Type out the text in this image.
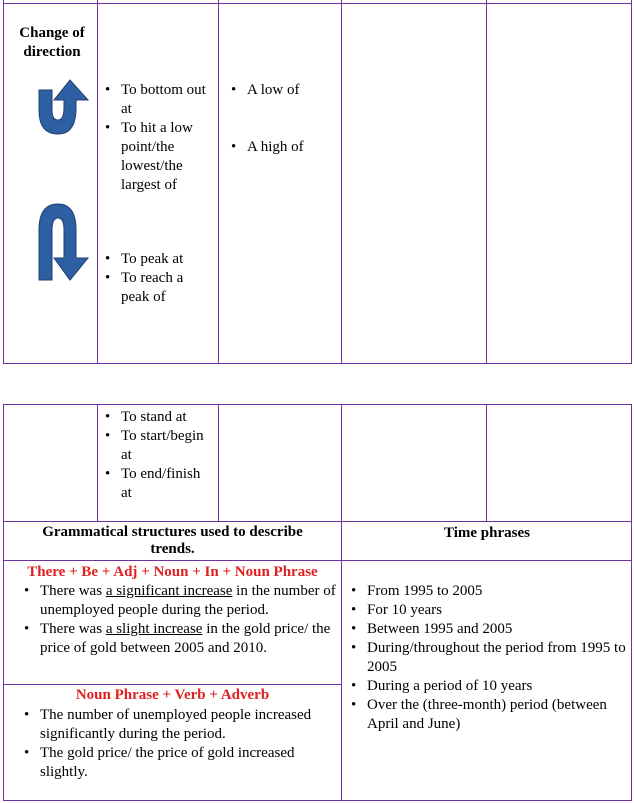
Change of direction
• To bottom out at
• To hit a low point/the lowest/the largest of
• To peak at
• To reach a peak of
• A low of
• A high of
• To stand at
• To start/begin at
• To end/finish at
Grammatical structures used to describe trends.
Time phrases
There + Be + Adj + Noun + In + Noun Phrase
• There was a significant increase in the number of unemployed people during the period.
• There was a slight increase in the gold price/ the price of gold between 2005 and 2010.
Noun Phrase + Verb + Adverb
• The number of unemployed people increased significantly during the period.
• The gold price/ the price of gold increased slightly.
• From 1995 to 2005
• For 10 years
• Between 1995 and 2005
• During/throughout the period from 1995 to 2005
• During a period of 10 years
• Over the (three-month) period (between April and June)
